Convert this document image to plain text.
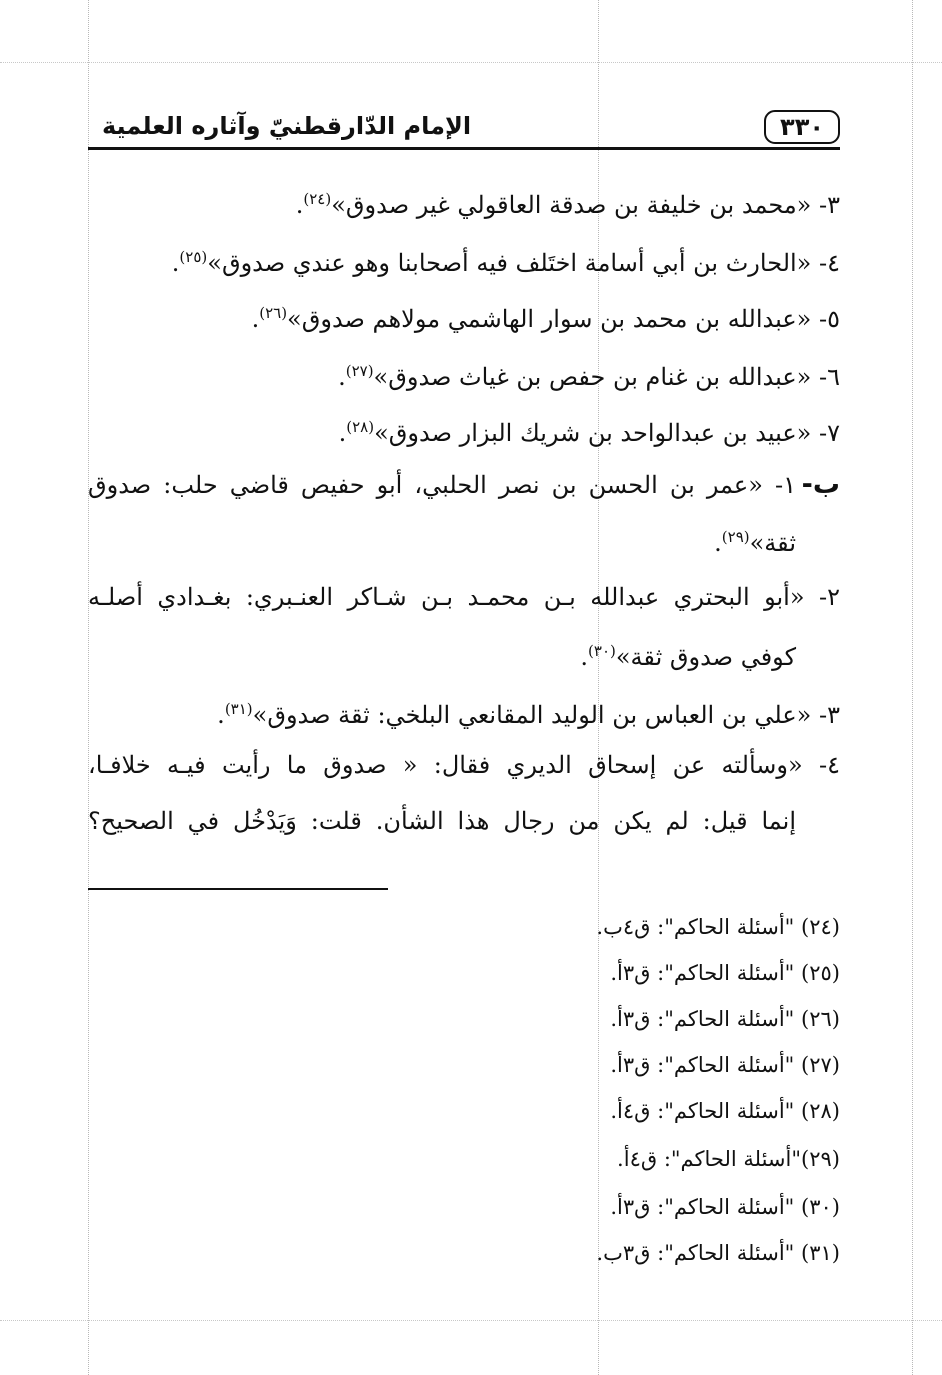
٣٣٠
الإمام الدّارقطنيّ وآثاره العلمية
٣- «محمد بن خليفة بن صدقة العاقولي غير صدوق»$^{(٢٤)}$.
٤- «الحارث بن أبي أسامة اختَلف فيه أصحابنا وهو عندي صدوق»$^{(٢٥)}$.
٥- «عبدالله بن محمد بن سوار الهاشمي مولاهم صدوق»$^{(٢٦)}$.
٦- «عبدالله بن غنام بن حفص بن غياث صدوق»$^{(٢٧)}$.
٧- «عبيد بن عبدالواحد بن شريك البزار صدوق»$^{(٢٨)}$.
ب-
١- «عمر بن الحسن بن نصر الحلبي، أبو حفيص قاضي حلب: صدوق
ثقة»$^{(٢٩)}$.
٢- «أبو البحتري عبدالله بـن محمـد بـن شـاكر العنـبري: بغـدادي أصلـه
كوفي صدوق ثقة»$^{(٣٠)}$.
٣- «علي بن العباس بن الوليد المقانعي البلخي: ثقة صدوق»$^{(٣١)}$.
٤- «وسألته عن إسحاق الديري فقال: « صدوق ما رأيت فيـه خلافـا،
إنما قيل: لم يكن من رجال هذا الشأن. قلت: وَيَدْخُل في الصحيح؟
(٢٤) "أسئلة الحاكم": ق٤ب.
(٢٥) "أسئلة الحاكم": ق٣أ.
(٢٦) "أسئلة الحاكم": ق٣أ.
(٢٧) "أسئلة الحاكم": ق٣أ.
(٢٨) "أسئلة الحاكم": ق٤أ.
(٢٩)"أسئلة الحاكم": ق٤أ.
(٣٠) "أسئلة الحاكم": ق٣أ.
(٣١) "أسئلة الحاكم": ق٣ب.
